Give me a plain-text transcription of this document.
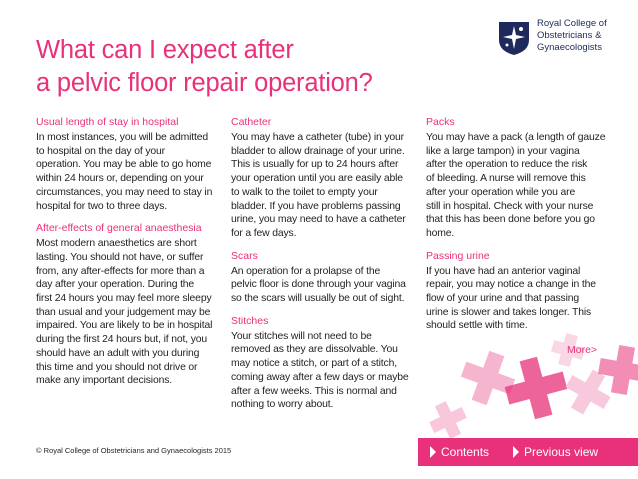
What can I expect after
a pelvic floor repair operation?
Royal College of
Obstetricians &
Gynaecologists
Usual length of stay in hospital
In most instances, you will be admitted
to hospital on the day of your
operation. You may be able to go home
within 24 hours or, depending on your
circumstances, you may need to stay in
hospital for two to three days.
After-effects of general anaesthesia
Most modern anaesthetics are short
lasting. You should not have, or suffer
from, any after-effects for more than a
day after your operation. During the
first 24 hours you may feel more sleepy
than usual and your judgement may be
impaired. You are likely to be in hospital
during the first 24 hours but, if not, you
should have an adult with you during
this time and you should not drive or
make any important decisions.
Catheter
You may have a catheter (tube) in your
bladder to allow drainage of your urine.
This is usually for up to 24 hours after
your operation until you are easily able
to walk to the toilet to empty your
bladder. If you have problems passing
urine, you may need to have a catheter
for a few days.
Scars
An operation for a prolapse of the
pelvic floor is done through your vagina
so the scars will usually be out of sight.
Stitches
Your stitches will not need to be
removed as they are dissolvable. You
may notice a stitch, or part of a stitch,
coming away after a few days or maybe
after a few weeks. This is normal and
nothing to worry about.
Packs
You may have a pack (a length of gauze
like a large tampon) in your vagina
after the operation to reduce the risk
of bleeding. A nurse will remove this
after your operation while you are
still in hospital. Check with your nurse
that this has been done before you go
home.
Passing urine
If you have had an anterior vaginal
repair, you may notice a change in the
flow of your urine and that passing
urine is slower and takes longer. This
should settle with time.
More>
© Royal College of Obstetricians and Gynaecologists 2015	Contents	Previous view
